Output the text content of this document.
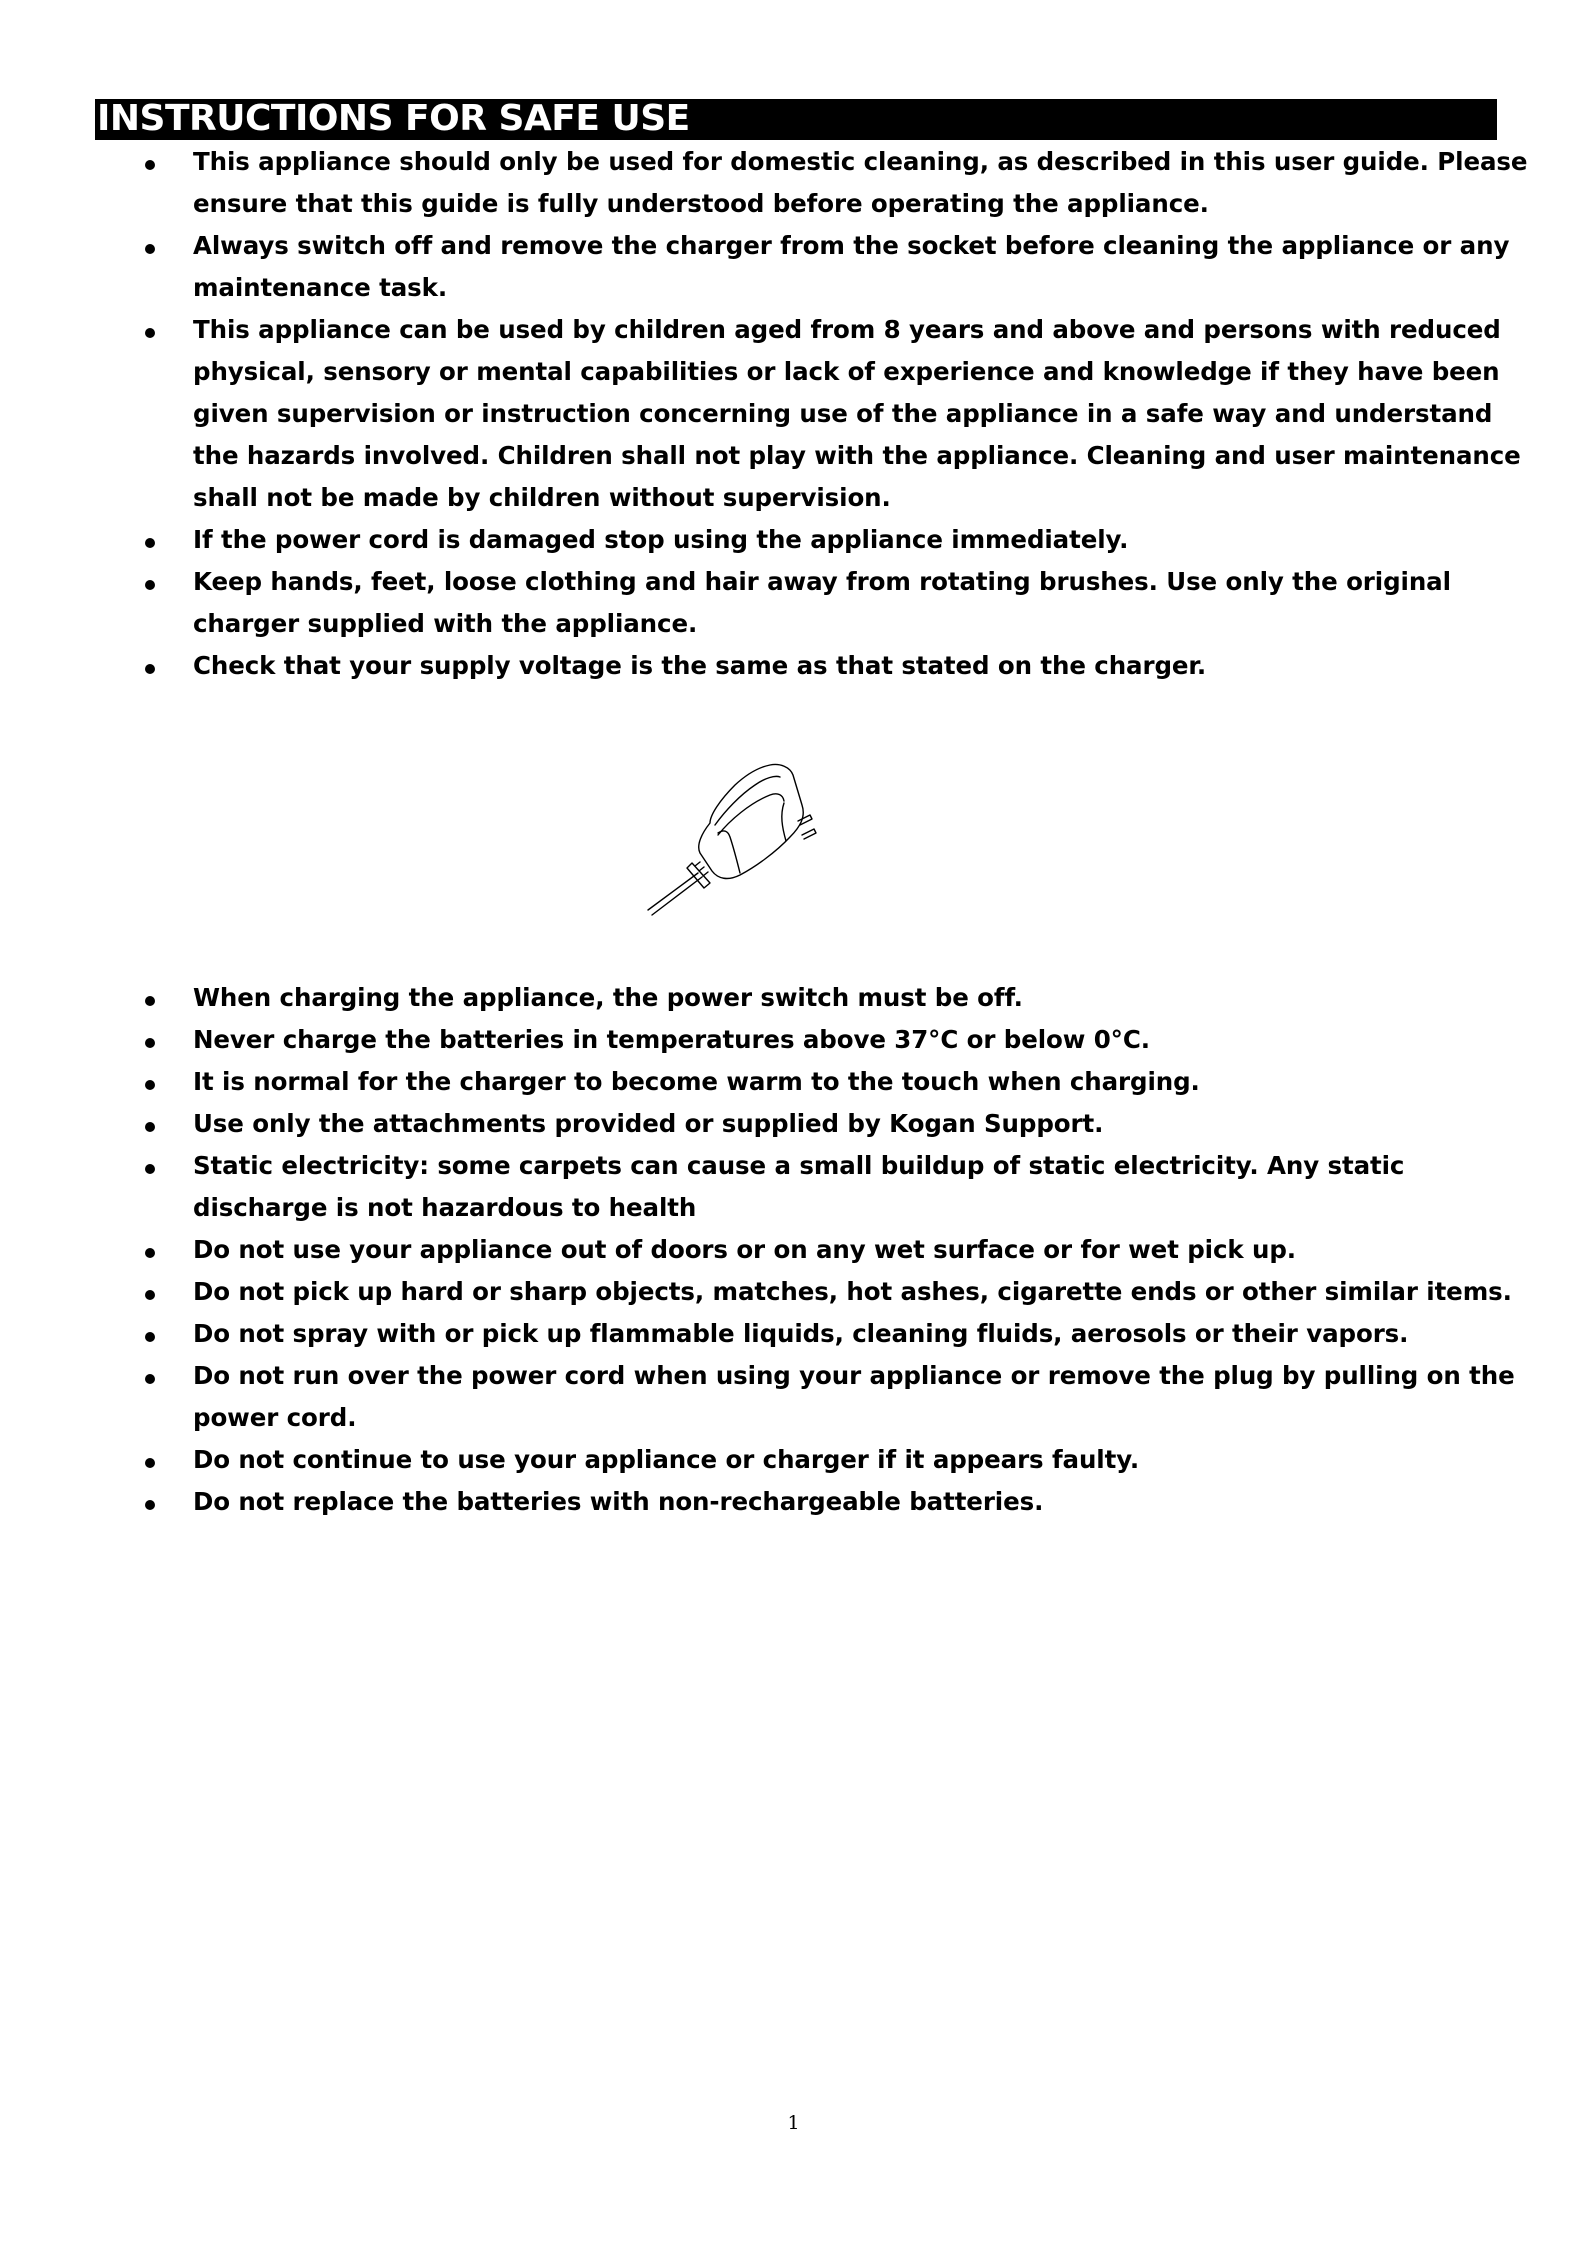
INSTRUCTIONS FOR SAFE USE
This appliance should only be used for domestic cleaning, as described in this user guide. Please ensure that this guide is fully understood before operating the appliance.
Always switch off and remove the charger from the socket before cleaning the appliance or any maintenance task.
This appliance can be used by children aged from 8 years and above and persons with reduced physical, sensory or mental capabilities or lack of experience and knowledge if they have been given supervision or instruction concerning use of the appliance in a safe way and understand the hazards involved. Children shall not play with the appliance. Cleaning and user maintenance shall not be made by children without supervision.
If the power cord is damaged stop using the appliance immediately.
Keep hands, feet, loose clothing and hair away from rotating brushes. Use only the original charger supplied with the appliance.
Check that your supply voltage is the same as that stated on the charger.
When charging the appliance, the power switch must be off.
Never charge the batteries in temperatures above 37°C or below 0°C.
It is normal for the charger to become warm to the touch when charging.
Use only the attachments provided or supplied by Kogan Support.
Static electricity: some carpets can cause a small buildup of static electricity. Any static discharge is not hazardous to health
Do not use your appliance out of doors or on any wet surface or for wet pick up.
Do not pick up hard or sharp objects, matches, hot ashes, cigarette ends or other similar items.
Do not spray with or pick up flammable liquids, cleaning fluids, aerosols or their vapors.
Do not run over the power cord when using your appliance or remove the plug by pulling on the power cord.
Do not continue to use your appliance or charger if it appears faulty.
Do not replace the batteries with non-rechargeable batteries.
1
